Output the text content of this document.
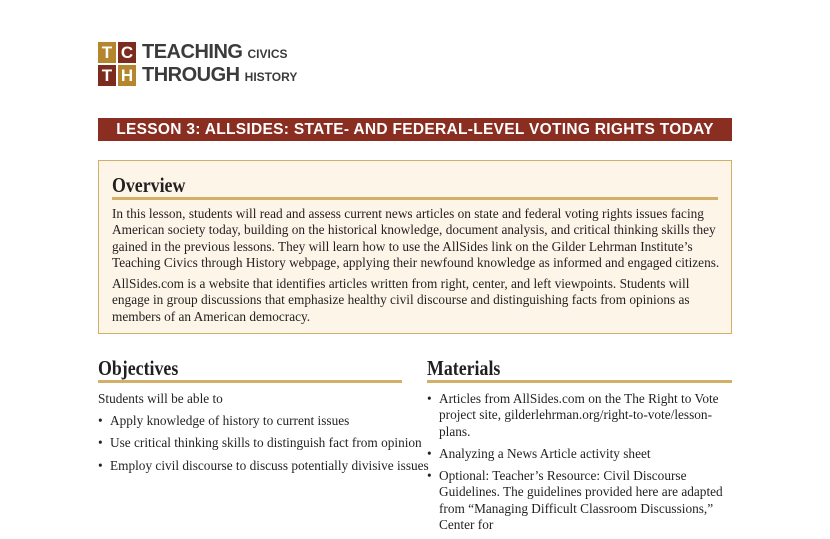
T C
T H
TEACHING CIVICS
THROUGH HISTORY
LESSON 3: ALLSIDES: STATE- AND FEDERAL-LEVEL VOTING RIGHTS TODAY
Overview

In this lesson, students will read and assess current news articles on state and federal voting rights issues facing American society today, building on the historical knowledge, document analysis, and critical thinking skills they gained in the previous lessons. They will learn how to use the AllSides link on the Gilder Lehrman Institute’s Teaching Civics through History webpage, applying their newfound knowledge as informed and engaged citizens.

AllSides.com is a website that identifies articles written from right, center, and left viewpoints. Students will engage in group discussions that emphasize healthy civil discourse and distinguishing facts from opinions as members of an American democracy.

Objectives
Students will be able to
• Apply knowledge of history to current issues
• Use critical thinking skills to distinguish fact from opinion
• Employ civil discourse to discuss potentially divisive issues
Materials
• Articles from AllSides.com on the The Right to Vote project site, gilderlehrman.org/right-to-vote/lesson-plans.
• Analyzing a News Article activity sheet
• Optional: Teacher’s Resource: Civil Discourse Guidelines. The guidelines provided here are adapted from “Managing Difficult Classroom Discussions,” Center for
